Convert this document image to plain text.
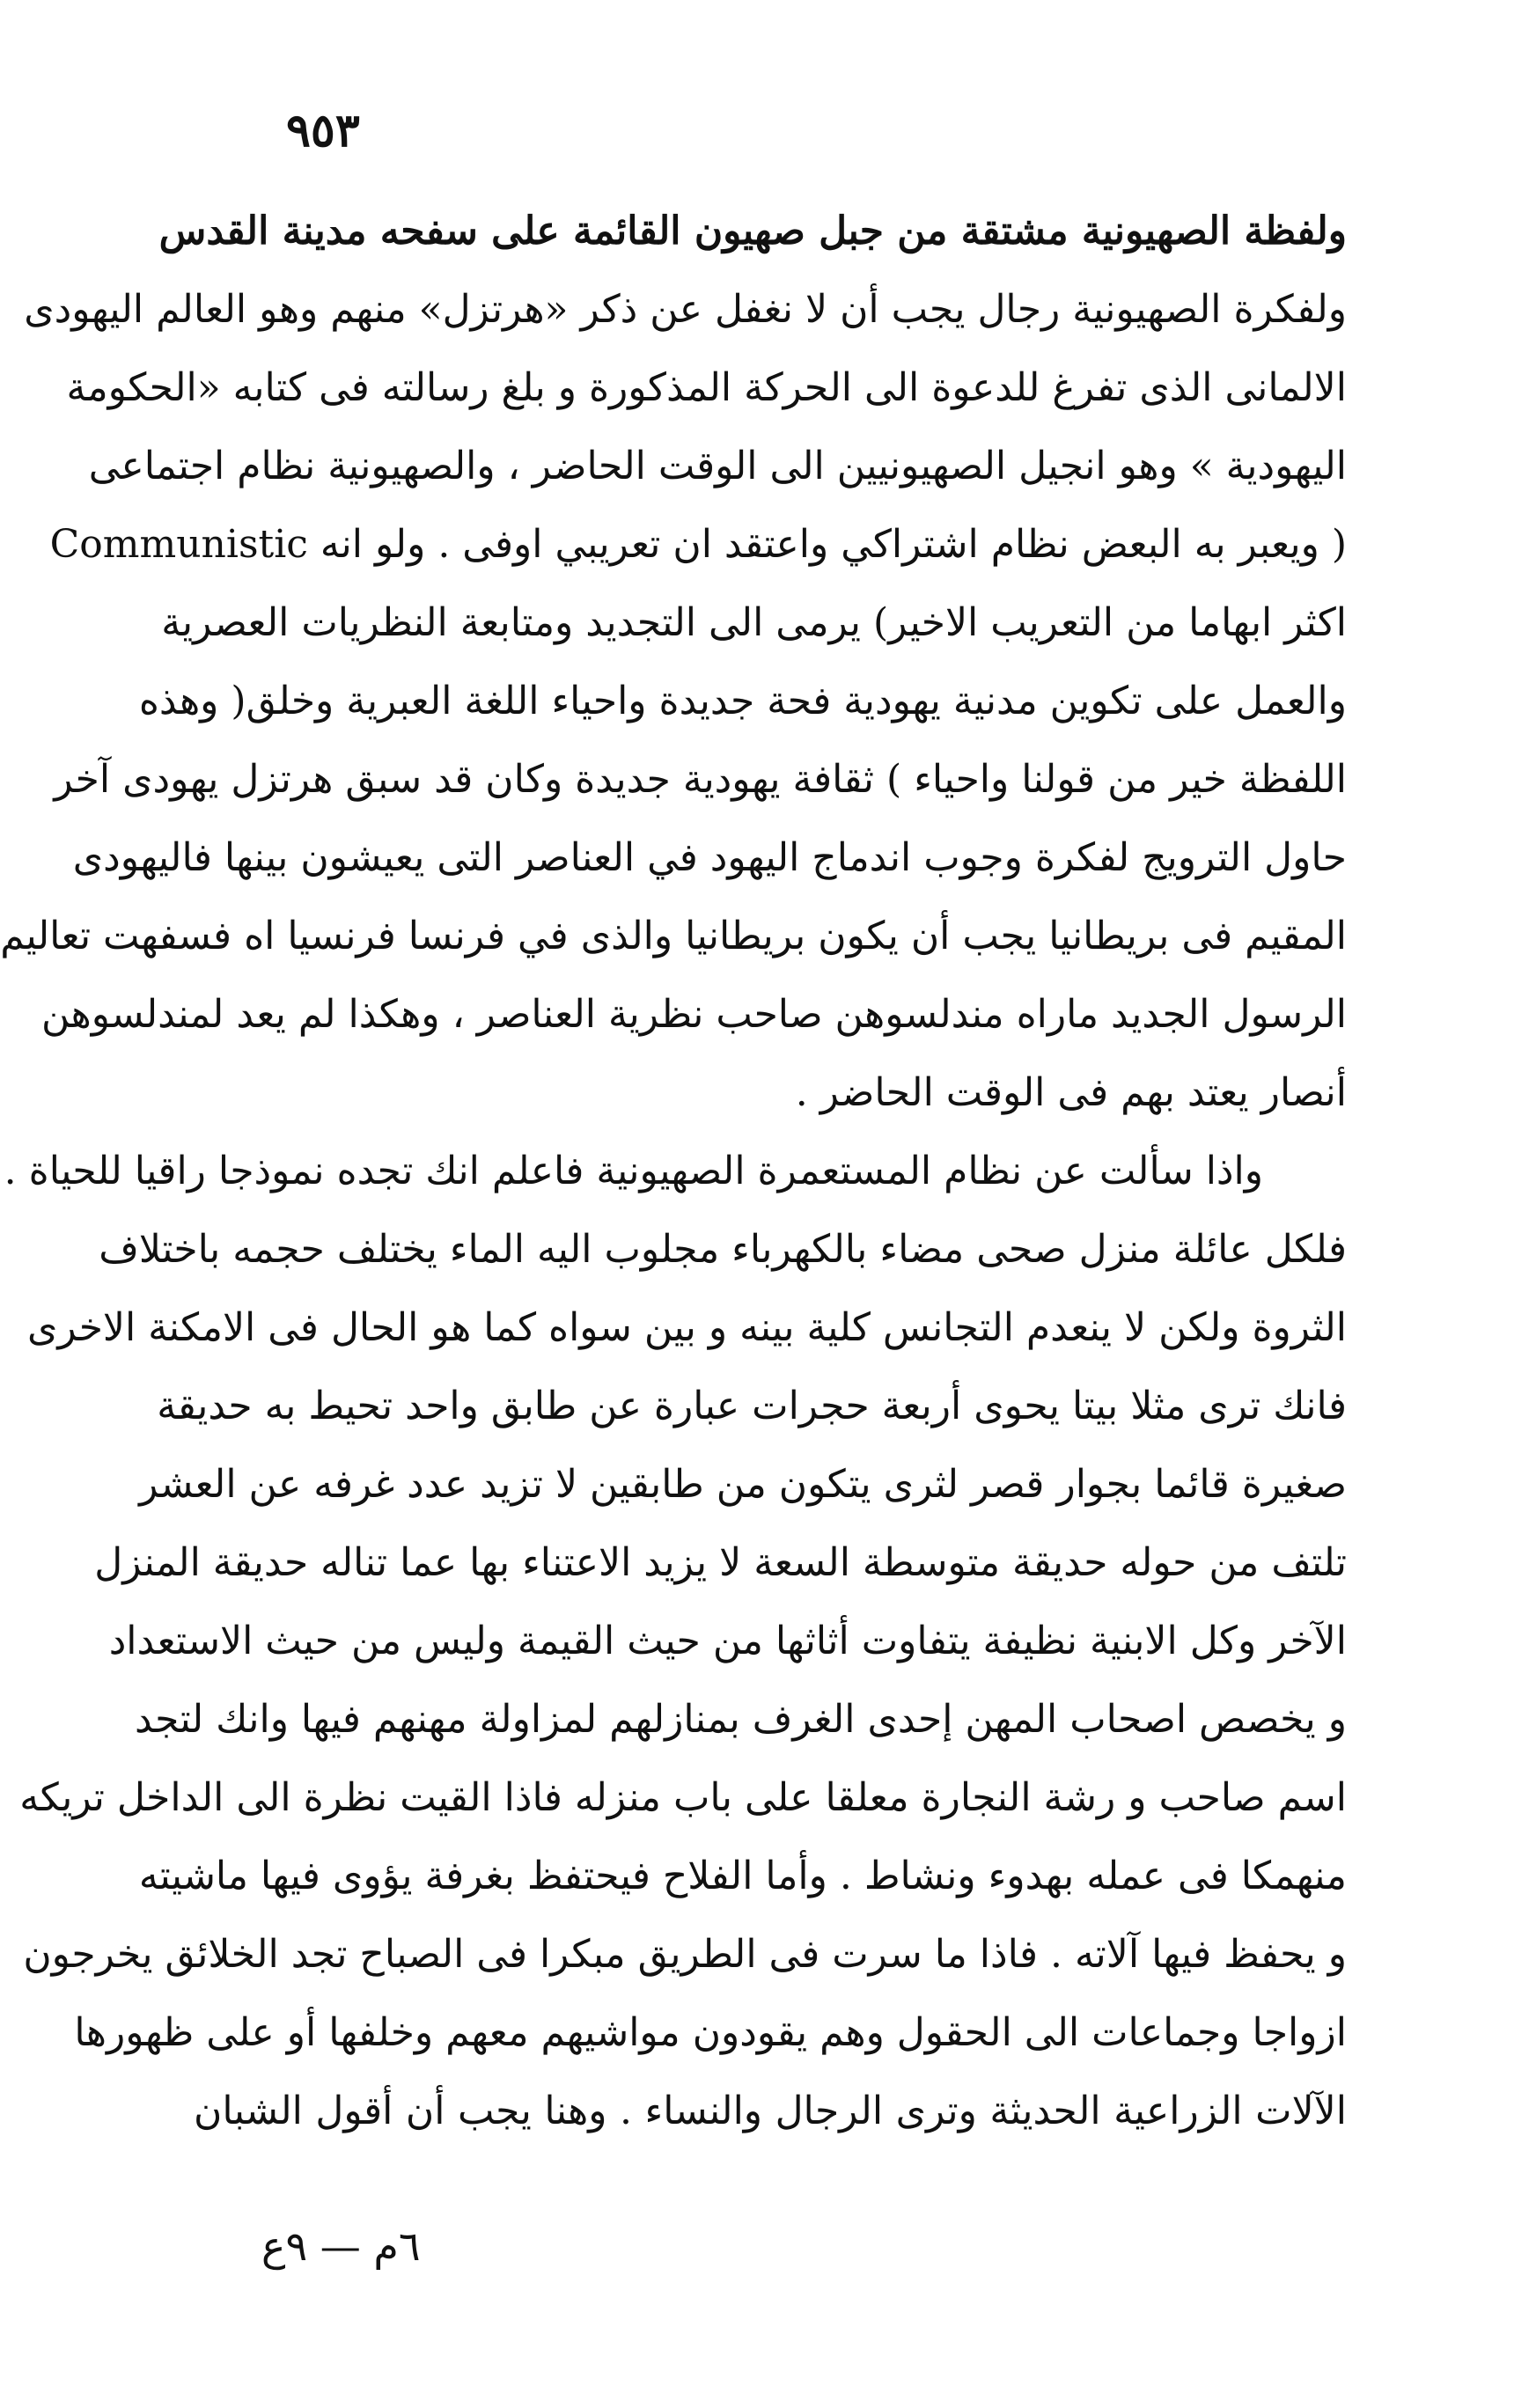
٩٥٣
ولفظة الصهيونية مشتقة من جبل صهيون القائمة على سفحه مدينة القدس
ولفكرة الصهيونية رجال يجب أن لا نغفل عن ذكر «هرتزل» منهم وهو العالم اليهودى
الالمانى الذى تفرغ للدعوة الى الحركة المذكورة و بلغ رسالته فى كتابه «الحكومة
اليهودية » وهو انجيل الصهيونيين الى الوقت الحاضر ، والصهيونية نظام اجتماعى
( ويعبر به البعض نظام اشتراكي واعتقد ان تعريبي اوفى . ولو انه Communistic
اكثر ابهاما من التعريب الاخير) يرمى الى التجديد ومتابعة النظريات العصرية
والعمل على تكوين مدنية يهودية فحة جديدة واحياء اللغة العبرية وخلق( وهذه
اللفظة خير من قولنا واحياء ) ثقافة يهودية جديدة وكان قد سبق هرتزل يهودى آخر
حاول الترويج لفكرة وجوب اندماج اليهود في العناصر التى يعيشون بينها فاليهودى
المقيم فى بريطانيا يجب أن يكون بريطانيا والذى في فرنسا فرنسيا اه فسفهت تعاليم
الرسول الجديد ماراه مندلسوهن صاحب نظرية العناصر ، وهكذا لم يعد لمندلسوهن
أنصار يعتد بهم فى الوقت الحاضر .
واذا سألت عن نظام المستعمرة الصهيونية فاعلم انك تجده نموذجا راقيا للحياة .
فلكل عائلة منزل صحى مضاء بالكهرباء مجلوب اليه الماء يختلف حجمه باختلاف
الثروة ولكن لا ينعدم التجانس كلية بينه و بين سواه كما هو الحال فى الامكنة الاخرى
فانك ترى مثلا بيتا يحوى أربعة حجرات عبارة عن طابق واحد تحيط به حديقة
صغيرة قائما بجوار قصر لثرى يتكون من طابقين لا تزيد عدد غرفه عن العشر
تلتف من حوله حديقة متوسطة السعة لا يزيد الاعتناء بها عما تناله حديقة المنزل
الآخر وكل الابنية نظيفة يتفاوت أثاثها من حيث القيمة وليس من حيث الاستعداد
و يخصص اصحاب المهن إحدى الغرف بمنازلهم لمزاولة مهنهم فيها وانك لتجد
اسم صاحب و رشة النجارة معلقا على باب منزله فاذا القيت نظرة الى الداخل تريكه
منهمكا فى عمله بهدوء ونشاط . وأما الفلاح فيحتفظ بغرفة يؤوى فيها ماشيته
و يحفظ فيها آلاته . فاذا ما سرت فى الطريق مبكرا فى الصباح تجد الخلائق يخرجون
ازواجا وجماعات الى الحقول وهم يقودون مواشيهم معهم وخلفها أو على ظهورها
الآلات الزراعية الحديثة وترى الرجال والنساء . وهنا يجب أن أقول الشبان
٦م — ٩ع
